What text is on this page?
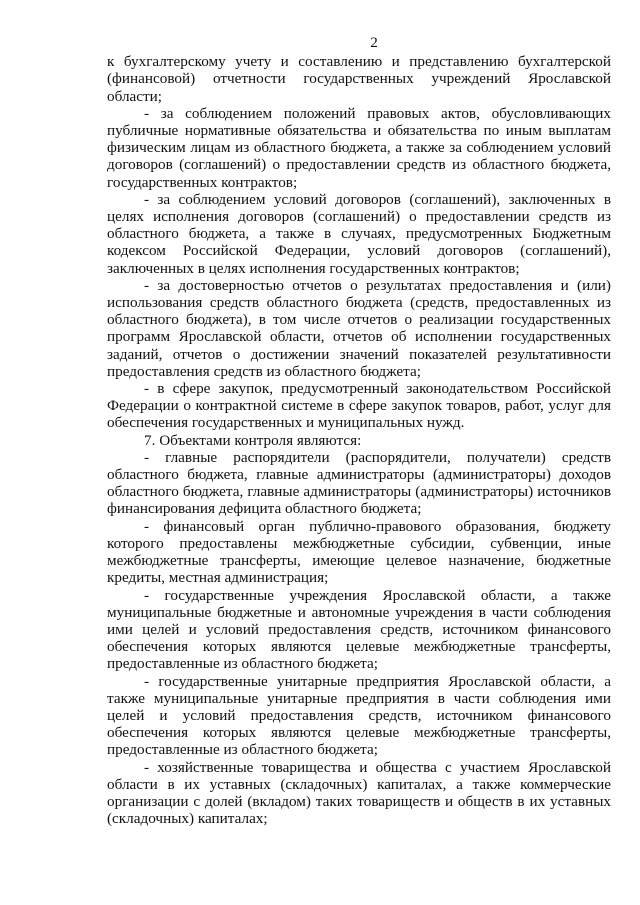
2

к бухгалтерскому учету и составлению и представлению бухгалтерской (финансовой) отчетности государственных учреждений Ярославской области;

- за соблюдением положений правовых актов, обусловливающих публичные нормативные обязательства и обязательства по иным выплатам физическим лицам из областного бюджета, а также за соблюдением условий договоров (соглашений) о предоставлении средств из областного бюджета, государственных контрактов;

- за соблюдением условий договоров (соглашений), заключенных в целях исполнения договоров (соглашений) о предоставлении средств из областного бюджета, а также в случаях, предусмотренных Бюджетным кодексом Российской Федерации, условий договоров (соглашений), заключенных в целях исполнения государственных контрактов;

- за достоверностью отчетов о результатах предоставления и (или) использования средств областного бюджета (средств, предоставленных из областного бюджета), в том числе отчетов о реализации государственных программ Ярославской области, отчетов об исполнении государственных заданий, отчетов о достижении значений показателей результативности предоставления средств из областного бюджета;

- в сфере закупок, предусмотренный законодательством Российской Федерации о контрактной системе в сфере закупок товаров, работ, услуг для обеспечения государственных и муниципальных нужд.

7. Объектами контроля являются:

- главные распорядители (распорядители, получатели) средств областного бюджета, главные администраторы (администраторы) доходов областного бюджета, главные администраторы (администраторы) источников финансирования дефицита областного бюджета;

- финансовый орган публично-правового образования, бюджету которого предоставлены межбюджетные субсидии, субвенции, иные межбюджетные трансферты, имеющие целевое назначение, бюджетные кредиты, местная администрация;

- государственные учреждения Ярославской области, а также муниципальные бюджетные и автономные учреждения в части соблюдения ими целей и условий предоставления средств, источником финансового обеспечения которых являются целевые межбюджетные трансферты, предоставленные из областного бюджета;

- государственные унитарные предприятия Ярославской области, а также муниципальные унитарные предприятия в части соблюдения ими целей и условий предоставления средств, источником финансового обеспечения которых являются целевые межбюджетные трансферты, предоставленные из областного бюджета;

- хозяйственные товарищества и общества с участием Ярославской области в их уставных (складочных) капиталах, а также коммерческие организации с долей (вкладом) таких товариществ и обществ в их уставных (складочных) капиталах;
